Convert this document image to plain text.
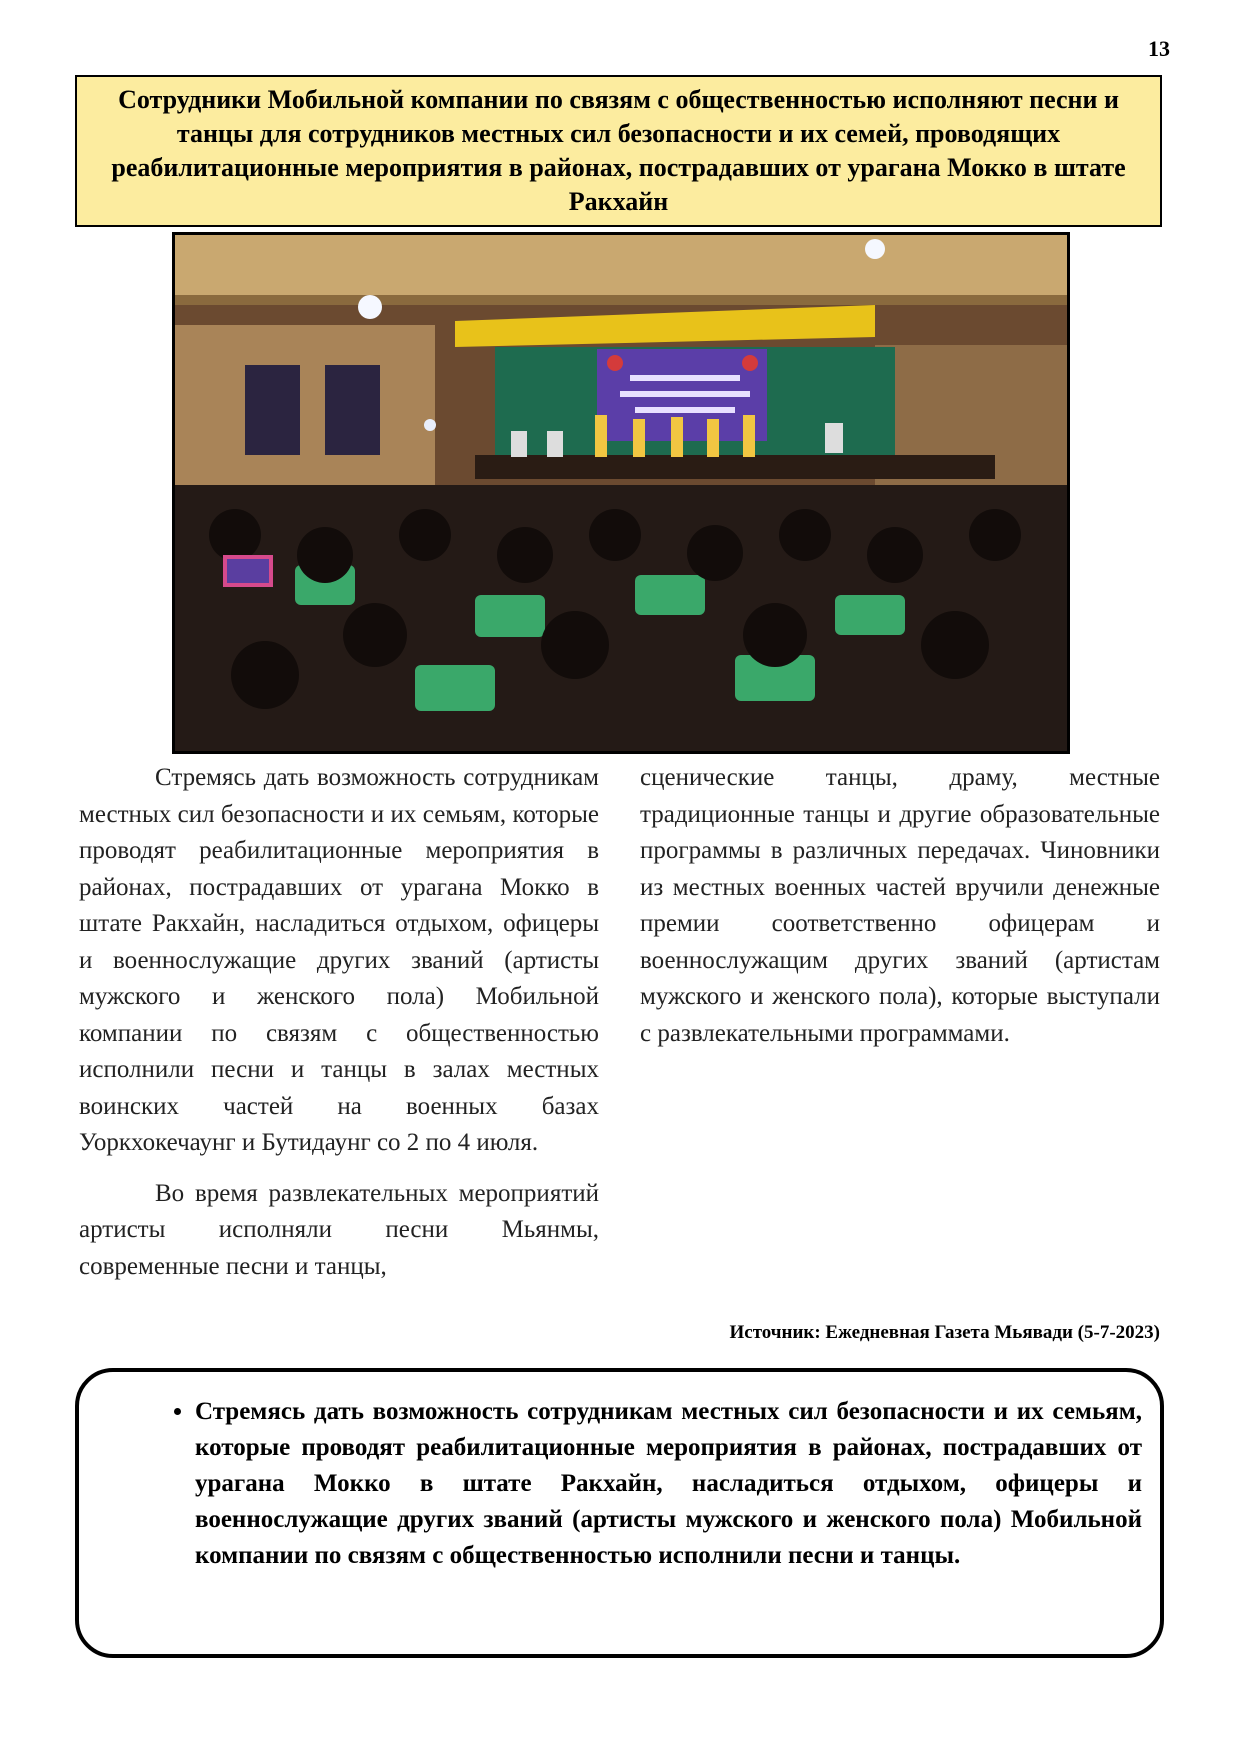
13
Сотрудники Мобильной компании по связям с общественностью исполняют песни и танцы для сотрудников местных сил безопасности и их семей, проводящих реабилитационные мероприятия в районах, пострадавших от урагана Мокко в штате Ракхайн

Стремясь дать возможность сотрудникам местных сил безопасности и их семьям, которые проводят реабилитационные мероприятия в районах, пострадавших от урагана Мокко в штате Ракхайн, насладиться отдыхом, офицеры и военнослужащие других званий (артисты мужского и женского пола) Мобильной компании по связям с общественностью исполнили песни и танцы в залах местных воинских частей на военных базах Уоркхокечаунг и Бутидаунг со 2 по 4 июля.

Во время развлекательных мероприятий артисты исполняли песни Мьянмы, современные песни и танцы,

сценические танцы, драму, местные традиционные танцы и другие образовательные программы в различных передачах. Чиновники из местных военных частей вручили денежные премии соответственно офицерам и военнослужащим других званий (артистам мужского и женского пола), которые выступали с развлекательными программами.

Источник: Ежедневная Газета Мьявади (5-7-2023)
• Стремясь дать возможность сотрудникам местных сил безопасности и их семьям, которые проводят реабилитационные мероприятия в районах, пострадавших от урагана Мокко в штате Ракхайн, насладиться отдыхом, офицеры и военнослужащие других званий (артисты мужского и женского пола) Мобильной компании по связям с общественностью исполнили песни и танцы.
